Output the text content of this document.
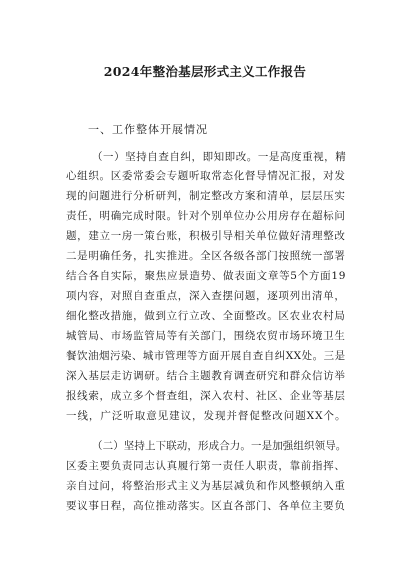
2024年整治基层形式主义工作报告
一、工作整体开展情况
（一）坚持自查自纠，即知即改。一是高度重视，精
心组织。区委常委会专题听取常态化督导情况汇报，对发
现的问题进行分析研判，制定整改方案和清单，层层压实
责任，明确完成时限。针对个别单位办公用房存在超标问
题，建立一房一策台账，积极引导相关单位做好清理整改
二是明确任务，扎实推进。全区各级各部门按照统一部署
结合各自实际，聚焦应景造势、做表面文章等5个方面19
项内容，对照自查重点，深入查摆问题，逐项列出清单，
细化整改措施，做到立行立改、全面整改。区农业农村局
城管局、市场监管局等有关部门，围绕农贸市场环境卫生
餐饮油烟污染、城市管理等方面开展自查自纠XX处。三是
深入基层走访调研。结合主题教育调查研究和群众信访举
报线索，成立多个督查组，深入农村、社区、企业等基层
一线，广泛听取意见建议，发现并督促整改问题XX个。
（二）坚持上下联动，形成合力。一是加强组织领导。
区委主要负责同志认真履行第一责任人职责，靠前指挥、
亲自过问，将整治形式主义为基层减负和作风整顿纳入重
要议事日程，高位推动落实。区直各部门、各单位主要负
